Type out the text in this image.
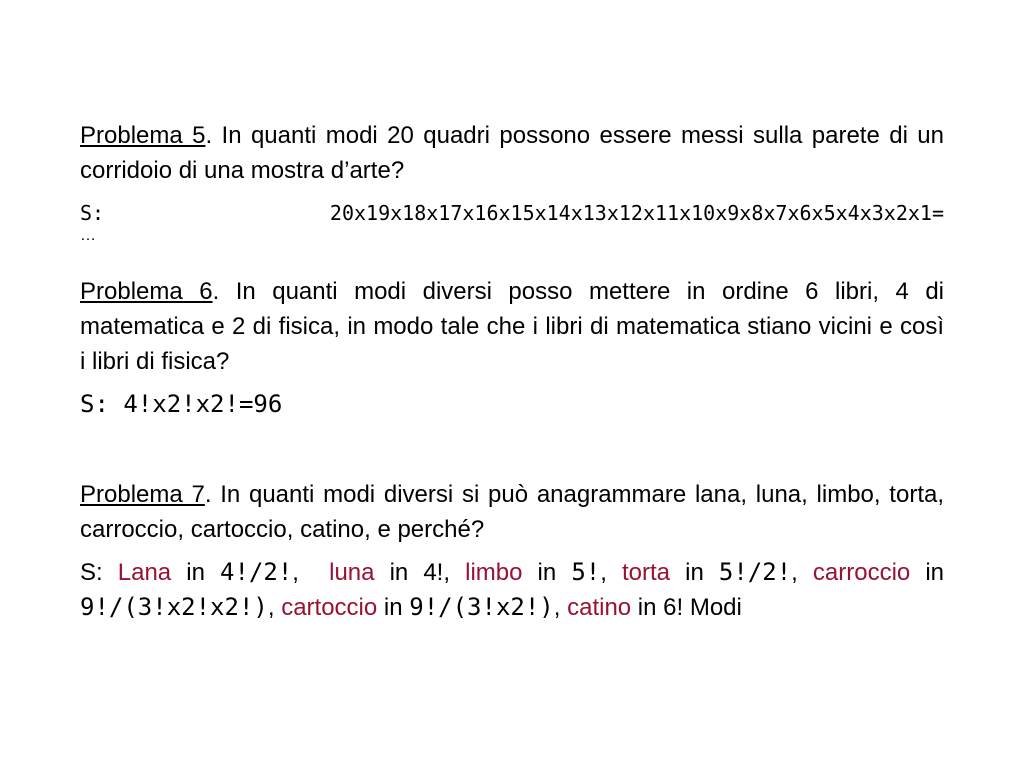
Problema 5. In quanti modi 20 quadri possono essere messi sulla parete di un corridoio di una mostra d’arte?

S:	20x19x18x17x16x15x14x13x12x11x10x9x8x7x6x5x4x3x2x1=
…

Problema 6. In quanti modi diversi posso mettere in ordine 6 libri, 4 di matematica e 2 di fisica, in modo tale che i libri di matematica stiano vicini e così i libri di fisica?

S: 4!x2!x2!=96

Problema 7. In quanti modi diversi si può anagrammare lana, luna, limbo, torta, carroccio, cartoccio, catino, e perché?

S: Lana in 4!/2!,  luna in 4!, limbo in 5!, torta in 5!/2!, carroccio in 9!/(3!x2!x2!), cartoccio in 9!/(3!x2!), catino in 6! Modi
